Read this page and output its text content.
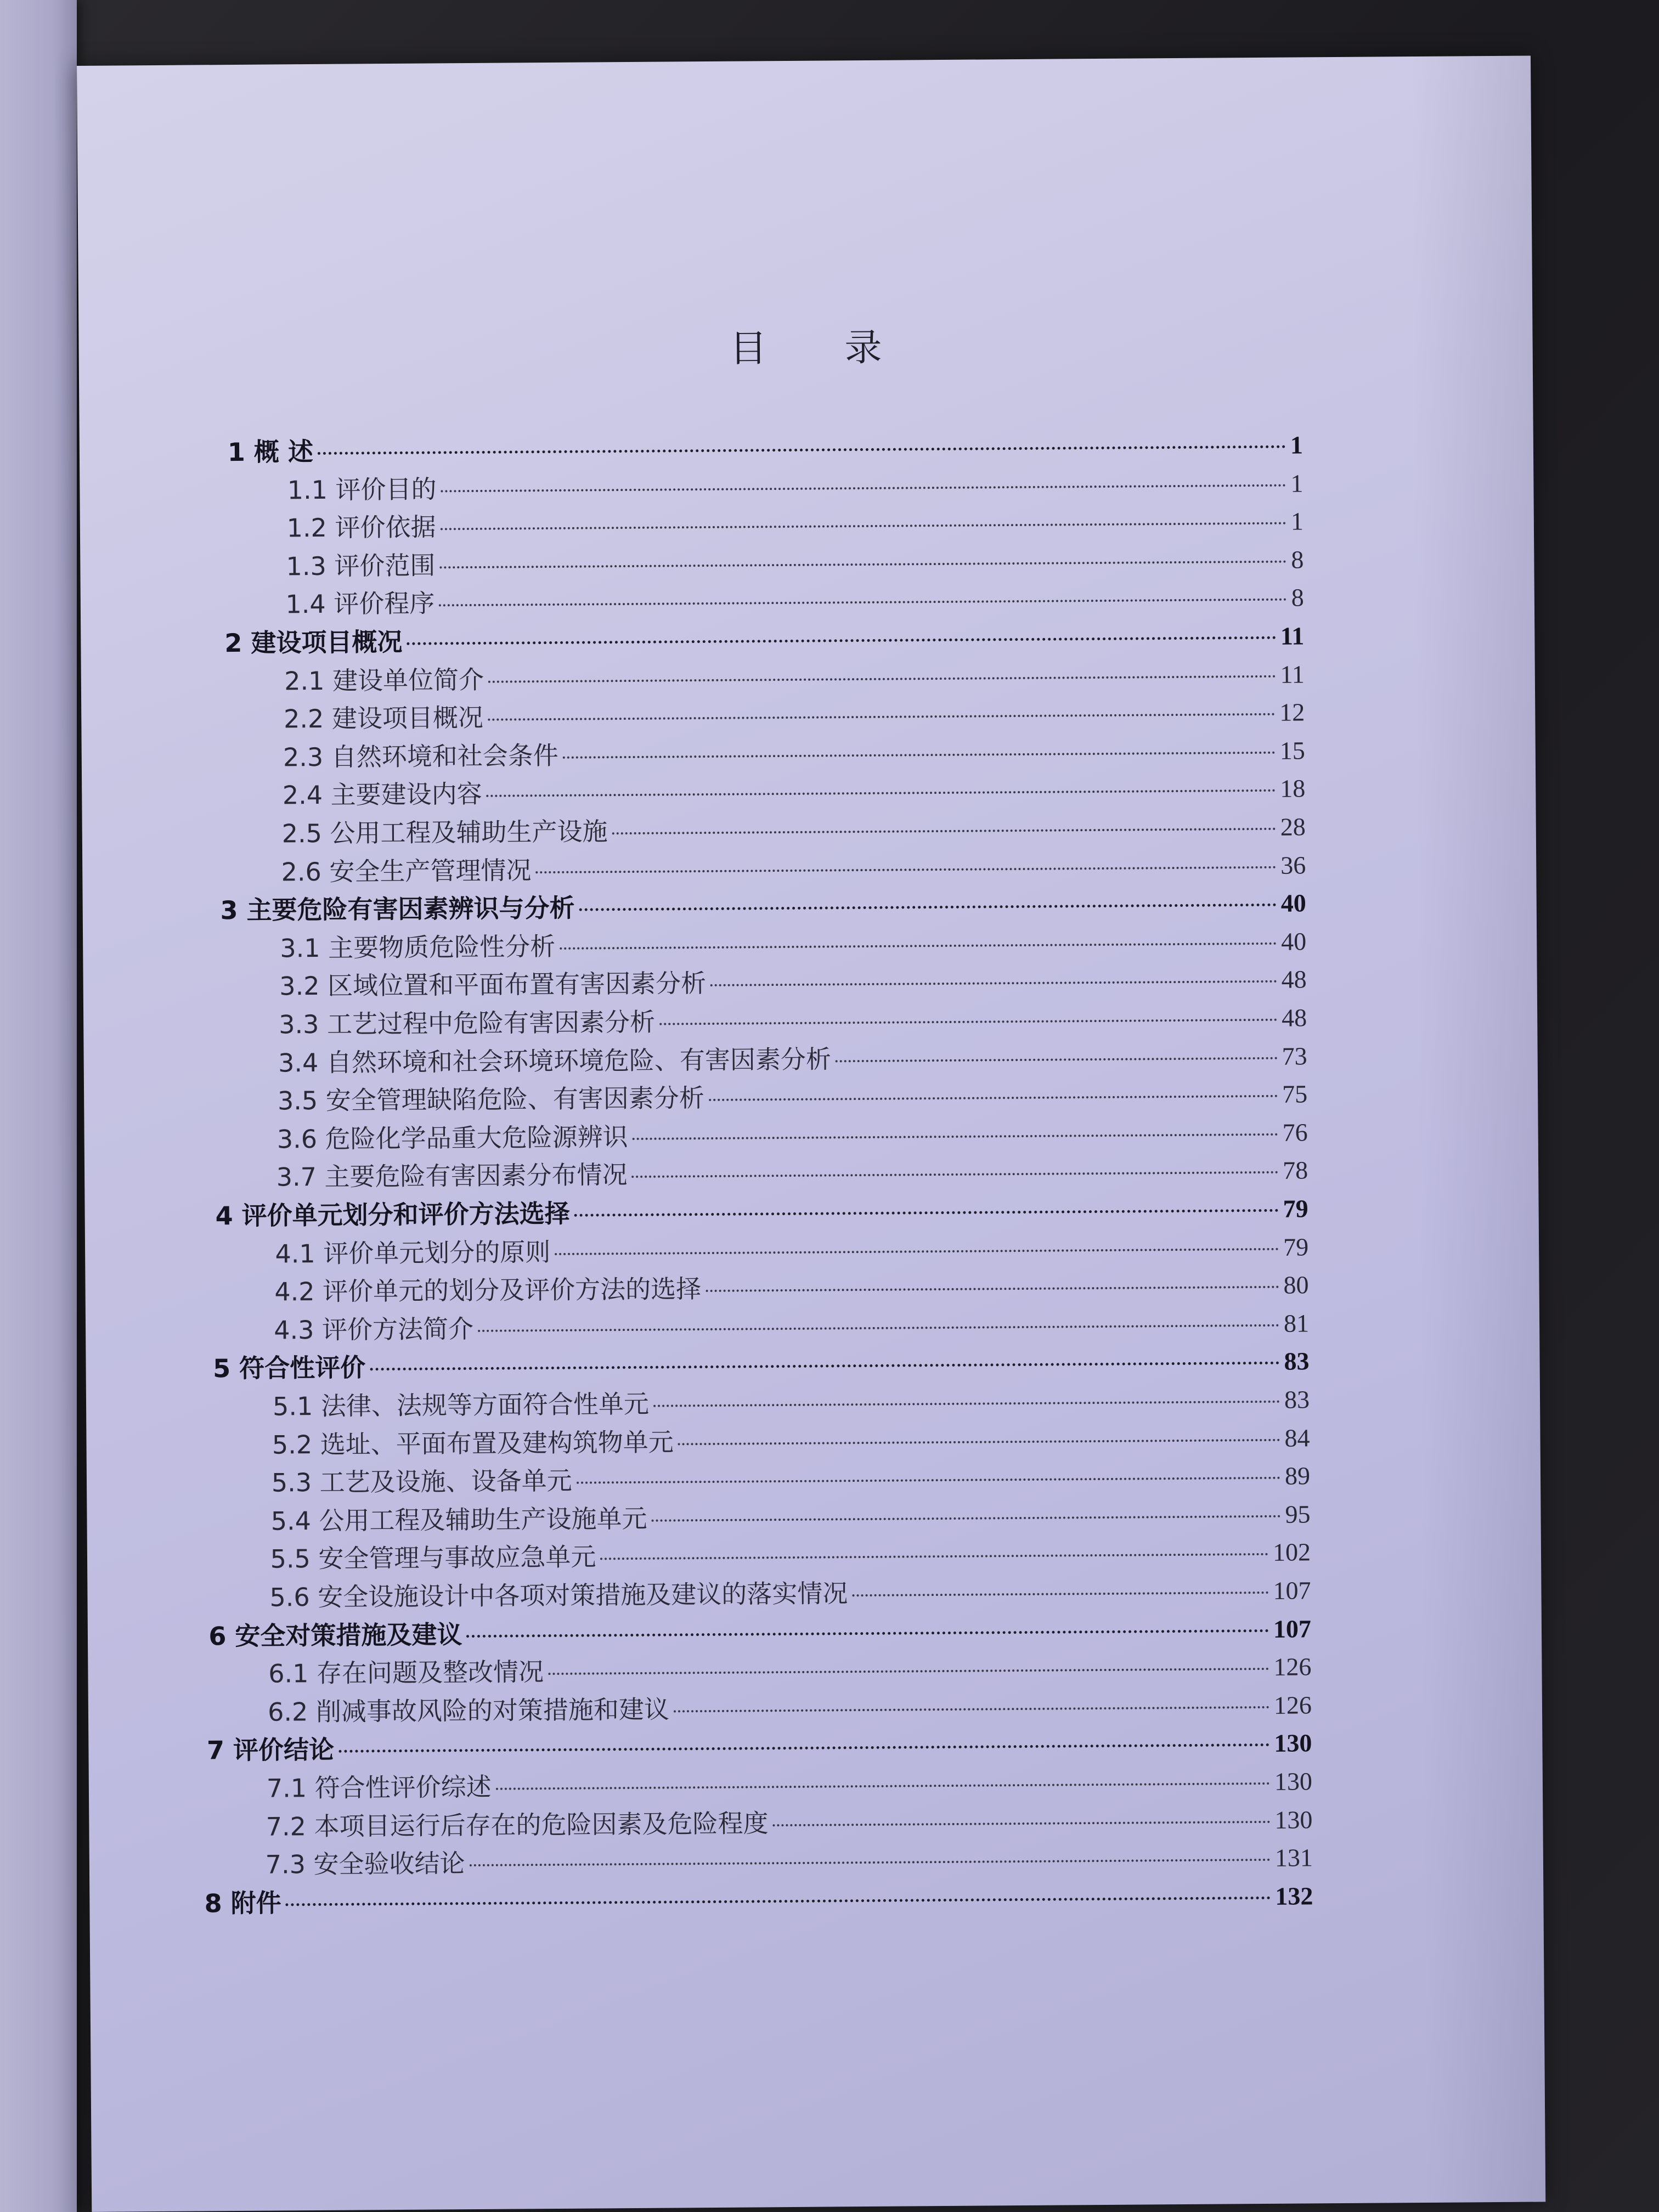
目 录
1 概 述	1
1.1 评价目的	1
1.2 评价依据	1
1.3 评价范围	8
1.4 评价程序	8
2 建设项目概况	11
2.1 建设单位简介	11
2.2 建设项目概况	12
2.3 自然环境和社会条件	15
2.4 主要建设内容	18
2.5 公用工程及辅助生产设施	28
2.6 安全生产管理情况	36
3 主要危险有害因素辨识与分析	40
3.1 主要物质危险性分析	40
3.2 区域位置和平面布置有害因素分析	48
3.3 工艺过程中危险有害因素分析	48
3.4 自然环境和社会环境环境危险、有害因素分析	73
3.5 安全管理缺陷危险、有害因素分析	75
3.6 危险化学品重大危险源辨识	76
3.7 主要危险有害因素分布情况	78
4 评价单元划分和评价方法选择	79
4.1 评价单元划分的原则	79
4.2 评价单元的划分及评价方法的选择	80
4.3 评价方法简介	81
5 符合性评价	83
5.1 法律、法规等方面符合性单元	83
5.2 选址、平面布置及建构筑物单元	84
5.3 工艺及设施、设备单元	89
5.4 公用工程及辅助生产设施单元	95
5.5 安全管理与事故应急单元	102
5.6 安全设施设计中各项对策措施及建议的落实情况	107
6 安全对策措施及建议	107
6.1 存在问题及整改情况	126
6.2 削减事故风险的对策措施和建议	126
7 评价结论	130
7.1 符合性评价综述	130
7.2 本项目运行后存在的危险因素及危险程度	130
7.3 安全验收结论	131
8 附件	132
